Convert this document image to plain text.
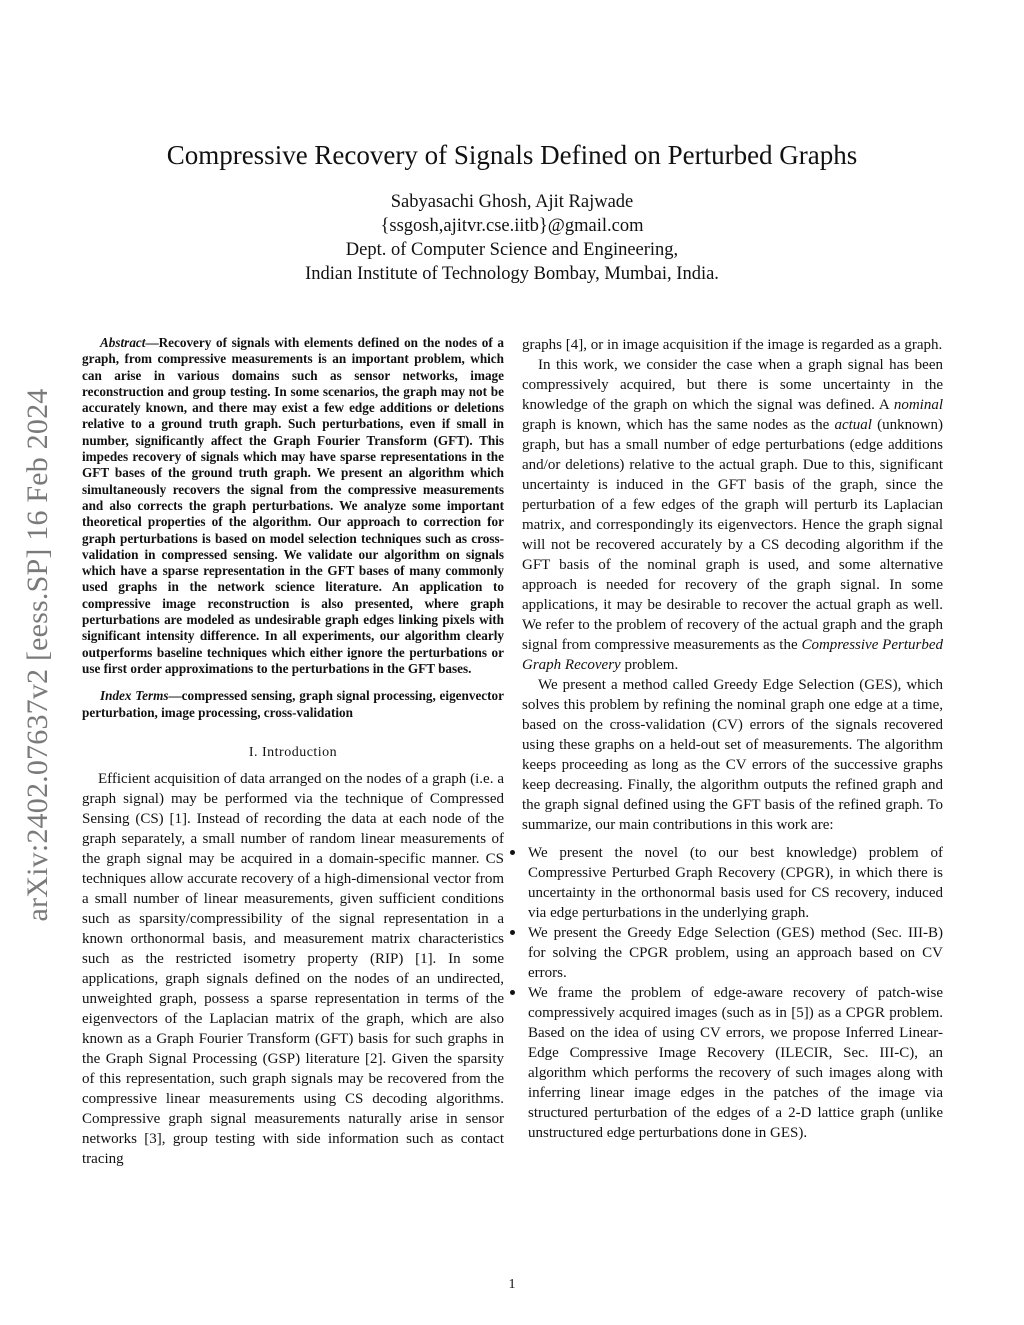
arXiv:2402.07637v2 [eess.SP] 16 Feb 2024
Compressive Recovery of Signals Defined on Perturbed Graphs
Sabyasachi Ghosh, Ajit Rajwade
{ssgosh,ajitvr.cse.iitb}@gmail.com
Dept. of Computer Science and Engineering,
Indian Institute of Technology Bombay, Mumbai, India.

Abstract—Recovery of signals with elements defined on the nodes of a graph, from compressive measurements is an important problem, which can arise in various domains such as sensor networks, image reconstruction and group testing. In some scenarios, the graph may not be accurately known, and there may exist a few edge additions or deletions relative to a ground truth graph. Such perturbations, even if small in number, significantly affect the Graph Fourier Transform (GFT). This impedes recovery of signals which may have sparse representations in the GFT bases of the ground truth graph. We present an algorithm which simultaneously recovers the signal from the compressive measurements and also corrects the graph perturbations. We analyze some important theoretical properties of the algorithm. Our approach to correction for graph perturbations is based on model selection techniques such as cross-validation in compressed sensing. We validate our algorithm on signals which have a sparse representation in the GFT bases of many commonly used graphs in the network science literature. An application to compressive image reconstruction is also presented, where graph perturbations are modeled as undesirable graph edges linking pixels with significant intensity difference. In all experiments, our algorithm clearly outperforms baseline techniques which either ignore the perturbations or use first order approximations to the perturbations in the GFT bases.

Index Terms—compressed sensing, graph signal processing, eigenvector perturbation, image processing, cross-validation

I. Introduction

Efficient acquisition of data arranged on the nodes of a graph (i.e. a graph signal) may be performed via the technique of Compressed Sensing (CS) [1]. Instead of recording the data at each node of the graph separately, a small number of random linear measurements of the graph signal may be acquired in a domain-specific manner. CS techniques allow accurate recovery of a high-dimensional vector from a small number of linear measurements, given sufficient conditions such as sparsity/compressibility of the signal representation in a known orthonormal basis, and measurement matrix characteristics such as the restricted isometry property (RIP) [1]. In some applications, graph signals defined on the nodes of an undirected, unweighted graph, possess a sparse representation in terms of the eigenvectors of the Laplacian matrix of the graph, which are also known as a Graph Fourier Transform (GFT) basis for such graphs in the Graph Signal Processing (GSP) literature [2]. Given the sparsity of this representation, such graph signals may be recovered from the compressive linear measurements using CS decoding algorithms. Compressive graph signal measurements naturally arise in sensor networks [3], group testing with side information such as contact tracing

graphs [4], or in image acquisition if the image is regarded as a graph.

In this work, we consider the case when a graph signal has been compressively acquired, but there is some uncertainty in the knowledge of the graph on which the signal was defined. A nominal graph is known, which has the same nodes as the actual (unknown) graph, but has a small number of edge perturbations (edge additions and/or deletions) relative to the actual graph. Due to this, significant uncertainty is induced in the GFT basis of the graph, since the perturbation of a few edges of the graph will perturb its Laplacian matrix, and correspondingly its eigenvectors. Hence the graph signal will not be recovered accurately by a CS decoding algorithm if the GFT basis of the nominal graph is used, and some alternative approach is needed for recovery of the graph signal. In some applications, it may be desirable to recover the actual graph as well. We refer to the problem of recovery of the actual graph and the graph signal from compressive measurements as the Compressive Perturbed Graph Recovery problem.

We present a method called Greedy Edge Selection (GES), which solves this problem by refining the nominal graph one edge at a time, based on the cross-validation (CV) errors of the signals recovered using these graphs on a held-out set of measurements. The algorithm keeps proceeding as long as the CV errors of the successive graphs keep decreasing. Finally, the algorithm outputs the refined graph and the graph signal defined using the GFT basis of the refined graph. To summarize, our main contributions in this work are:

We present the novel (to our best knowledge) problem of Compressive Perturbed Graph Recovery (CPGR), in which there is uncertainty in the orthonormal basis used for CS recovery, induced via edge perturbations in the underlying graph.
We present the Greedy Edge Selection (GES) method (Sec. III-B) for solving the CPGR problem, using an approach based on CV errors.
We frame the problem of edge-aware recovery of patch-wise compressively acquired images (such as in [5]) as a CPGR problem. Based on the idea of using CV errors, we propose Inferred Linear-Edge Compressive Image Recovery (ILECIR, Sec. III-C), an algorithm which performs the recovery of such images along with inferring linear image edges in the patches of the image via structured perturbation of the edges of a 2-D lattice graph (unlike unstructured edge perturbations done in GES).
1
